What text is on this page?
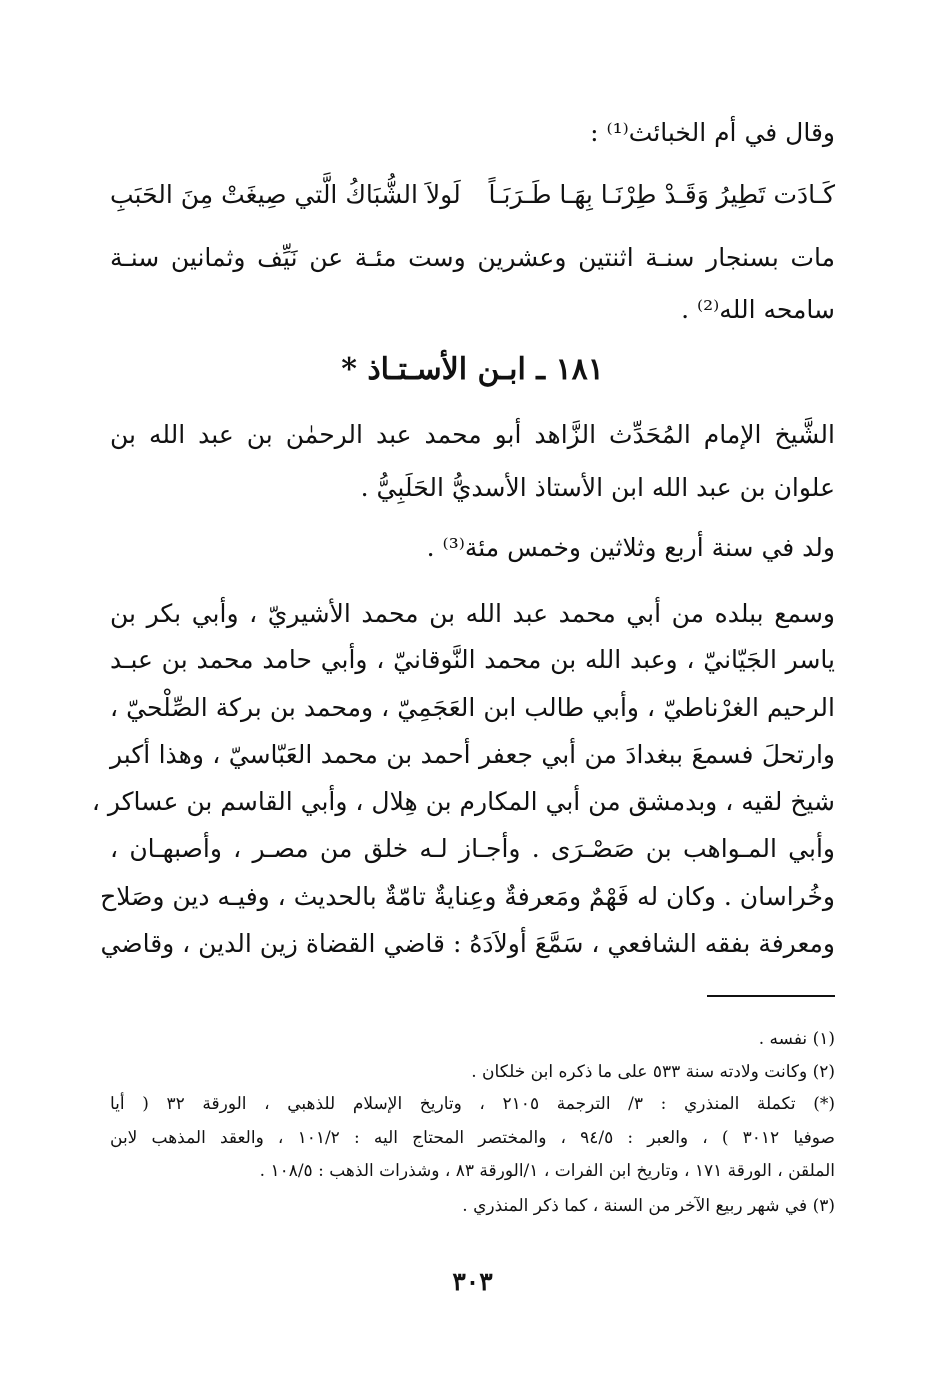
وقال في أم الخبائث⁽¹⁾ :
كَـادَت تَطِيرُ وَقَـدْ طِرْنَـا بِهَـا طَـرَبَـاً
لَولاَ الشُّبَاكُ الَّتي صِيغَتْ مِنَ الحَبَبِ
مات بسنجار سنـة اثنتين وعشرين وست مئـة عن نَيِّف وثمانين سنـة
سامحه الله⁽²⁾ .
١٨١ ـ ابـن الأسـتـاذ *
الشَّيخ الإمام المُحَدِّث الزَّاهد أبو محمد عبد الرحمٰن بن عبد الله بن
علوان بن عبد الله ابن الأستاذ الأسديُّ الحَلَبِيُّ .
ولد في سنة أربع وثلاثين وخمس مئة⁽³⁾ .
وسمع ببلده من أبي محمد عبد الله بن محمد الأشيريّ ، وأبي بكر بن
ياسر الجَيّانيّ ، وعبد الله بن محمد النَّوقانيّ ، وأبي حامد محمد بن عبـد
الرحيم الغرْناطيّ ، وأبي طالب ابن العَجَمِيّ ، ومحمد بن بركة الصِّلْحيّ ،
وارتحلَ فسمعَ ببغدادَ من أبي جعفر أحمد بن محمد العَبّاسيّ ، وهذا أكبر
شيخ لقيه ، وبدمشق من أبي المكارم بن هِلال ، وأبي القاسم بن عساكر ،
وأبي المـواهب بن صَصْـرَى . وأجـاز لـه خلق من مصـر ، وأصبهـان ،
وخُراسان . وكان له فَهْمٌ ومَعرفةٌ وعِنايةٌ تامّةٌ بالحديث ، وفيـه دين وصَلاح
ومعرفة بفقه الشافعي ، سَمَّعَ أولاَدَهُ : قاضي القضاة زين الدين ، وقاضي
(١) نفسه .
(٢) وكانت ولادته سنة ٥٣٣ على ما ذكره ابن خلكان .
(*) تكملة المنذري : ٣/ الترجمة ٢١٠٥ ، وتاريخ الإسلام للذهبي ، الورقة ٣٢ ( أيا
صوفيا ٣٠١٢ ) ، والعبر : ٩٤/٥ ، والمختصر المحتاج اليه : ١٠١/٢ ، والعقد المذهب لابن
الملقن ، الورقة ١٧١ ، وتاريخ ابن الفرات ، ١/الورقة ٨٣ ، وشذرات الذهب : ١٠٨/٥ .
(٣) في شهر ربيع الآخر من السنة ، كما ذكر المنذري .
٣٠٣
